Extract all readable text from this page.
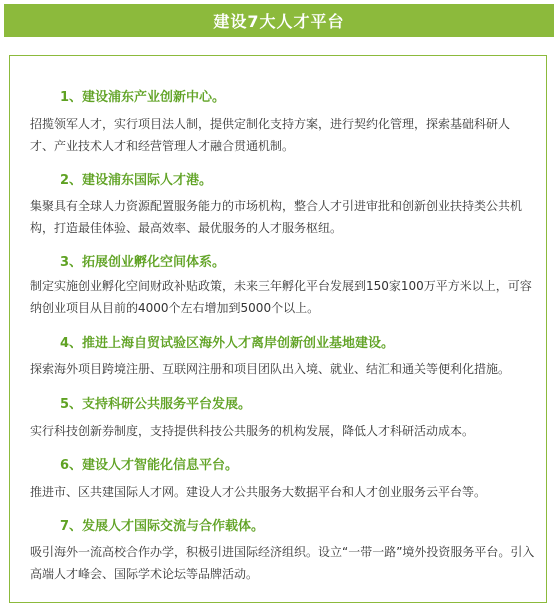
建设7大人才平台
1、建设浦东产业创新中心。
招揽领军人才，实行项目法人制，提供定制化支持方案，进行契约化管理，探索基础科研人
才、产业技术人才和经营管理人才融合贯通机制。
2、建设浦东国际人才港。
集聚具有全球人力资源配置服务能力的市场机构，整合人才引进审批和创新创业扶持类公共机
构，打造最佳体验、最高效率、最优服务的人才服务枢纽。
3、拓展创业孵化空间体系。
制定实施创业孵化空间财政补贴政策，未来三年孵化平台发展到150家100万平方米以上，可容
纳创业项目从目前的4000个左右增加到5000个以上。
4、推进上海自贸试验区海外人才离岸创新创业基地建设。
探索海外项目跨境注册、互联网注册和项目团队出入境、就业、结汇和通关等便利化措施。
5、支持科研公共服务平台发展。
实行科技创新券制度，支持提供科技公共服务的机构发展，降低人才科研活动成本。
6、建设人才智能化信息平台。
推进市、区共建国际人才网。建设人才公共服务大数据平台和人才创业服务云平台等。
7、发展人才国际交流与合作载体。
吸引海外一流高校合作办学，积极引进国际经济组织。设立“一带一路”境外投资服务平台。引入
高端人才峰会、国际学术论坛等品牌活动。
